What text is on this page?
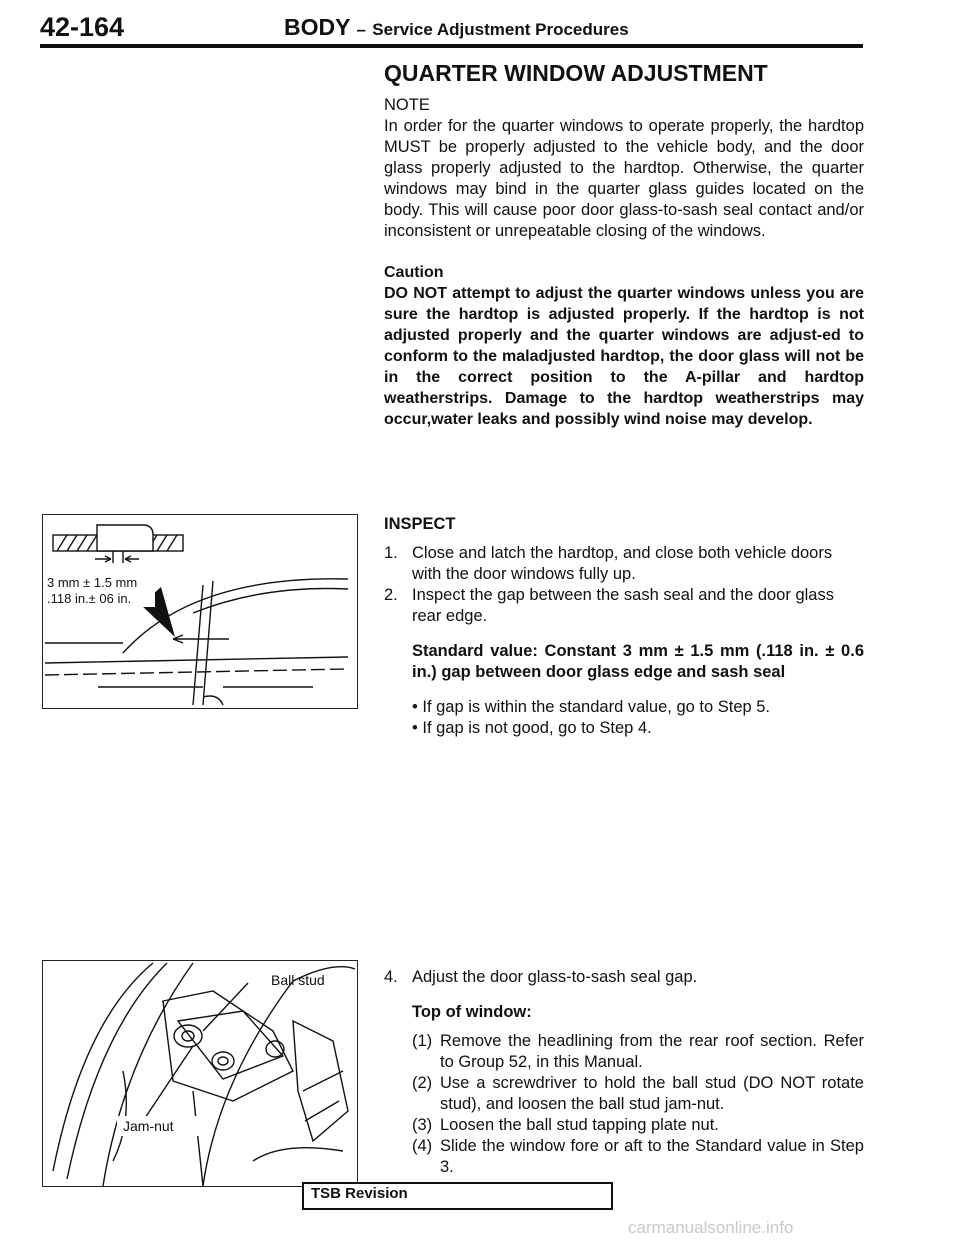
42-164	BODY – Service Adjustment Procedures
QUARTER WINDOW ADJUSTMENT
NOTE
In order for the quarter windows to operate properly, the hardtop MUST be properly adjusted to the vehicle body, and the door glass properly adjusted to the hardtop. Otherwise, the quarter windows may bind in the quarter glass guides located on the body. This will cause poor door glass-to-sash seal contact and/or inconsistent or unrepeatable closing of the windows.
Caution
DO NOT attempt to adjust the quarter windows unless you are sure the hardtop is adjusted properly. If the hardtop is not adjusted properly and the quarter windows are adjust-ed to conform to the maladjusted hardtop, the door glass will not be in the correct position to the A-pillar and hardtop weatherstrips. Damage to the hardtop weatherstrips may occur,water leaks and possibly wind noise may develop.
3 mm ± 1.5 mm
.118 in.± 06 in.
INSPECT
1. Close and latch the hardtop, and close both vehicle doors with the door windows fully up.
2. Inspect the gap between the sash seal and the door glass rear edge.
Standard value: Constant 3 mm ± 1.5 mm (.118 in. ± 0.6 in.) gap between door glass edge and sash seal
• If gap is within the standard value, go to Step 5.
• If gap is not good, go to Step 4.
Ball stud
Jam-nut
4. Adjust the door glass-to-sash seal gap.
Top of window:
(1) Remove the headlining from the rear roof section. Refer to Group 52, in this Manual.
(2) Use a screwdriver to hold the ball stud (DO NOT rotate stud), and loosen the ball stud jam-nut.
(3) Loosen the ball stud tapping plate nut.
(4) Slide the window fore or aft to the Standard value in Step 3.
TSB Revision
carmanualsonline.info
